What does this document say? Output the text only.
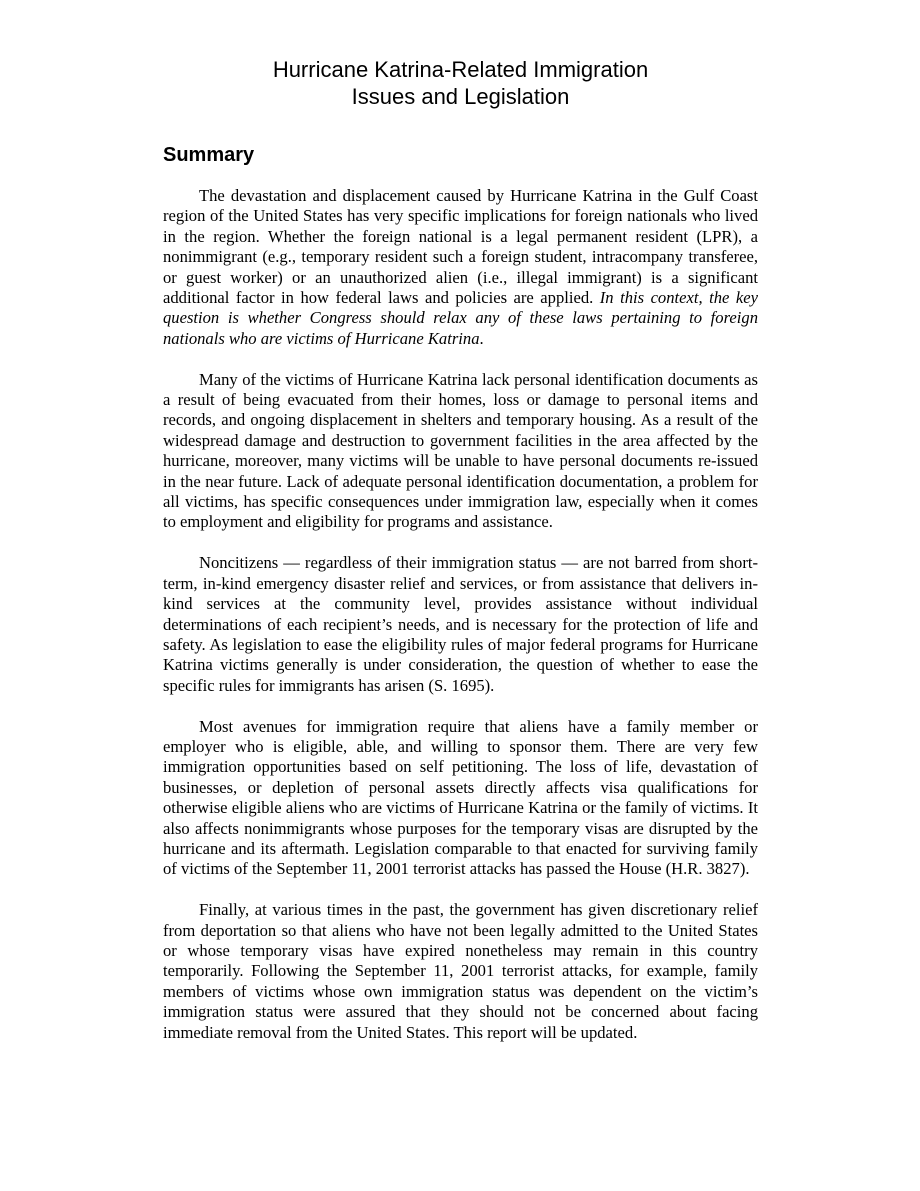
Hurricane Katrina-Related Immigration
Issues and Legislation
Summary

The devastation and displacement caused by Hurricane Katrina in the Gulf Coast region of the United States has very specific implications for foreign nationals who lived in the region. Whether the foreign national is a legal permanent resident (LPR), a nonimmigrant (e.g., temporary resident such a foreign student, intracompany transferee, or guest worker) or an unauthorized alien (i.e., illegal immigrant) is a significant additional factor in how federal laws and policies are applied. In this context, the key question is whether Congress should relax any of these laws pertaining to foreign nationals who are victims of Hurricane Katrina.

Many of the victims of Hurricane Katrina lack personal identification documents as a result of being evacuated from their homes, loss or damage to personal items and records, and ongoing displacement in shelters and temporary housing. As a result of the widespread damage and destruction to government facilities in the area affected by the hurricane, moreover, many victims will be unable to have personal documents re-issued in the near future. Lack of adequate personal identification documentation, a problem for all victims, has specific consequences under immigration law, especially when it comes to employment and eligibility for programs and assistance.

Noncitizens — regardless of their immigration status — are not barred from short-term, in-kind emergency disaster relief and services, or from assistance that delivers in-kind services at the community level, provides assistance without individual determinations of each recipient’s needs, and is necessary for the protection of life and safety. As legislation to ease the eligibility rules of major federal programs for Hurricane Katrina victims generally is under consideration, the question of whether to ease the specific rules for immigrants has arisen (S. 1695).

Most avenues for immigration require that aliens have a family member or employer who is eligible, able, and willing to sponsor them. There are very few immigration opportunities based on self petitioning. The loss of life, devastation of businesses, or depletion of personal assets directly affects visa qualifications for otherwise eligible aliens who are victims of Hurricane Katrina or the family of victims. It also affects nonimmigrants whose purposes for the temporary visas are disrupted by the hurricane and its aftermath. Legislation comparable to that enacted for surviving family of victims of the September 11, 2001 terrorist attacks has passed the House (H.R. 3827).

Finally, at various times in the past, the government has given discretionary relief from deportation so that aliens who have not been legally admitted to the United States or whose temporary visas have expired nonetheless may remain in this country temporarily. Following the September 11, 2001 terrorist attacks, for example, family members of victims whose own immigration status was dependent on the victim’s immigration status were assured that they should not be concerned about facing immediate removal from the United States. This report will be updated.
